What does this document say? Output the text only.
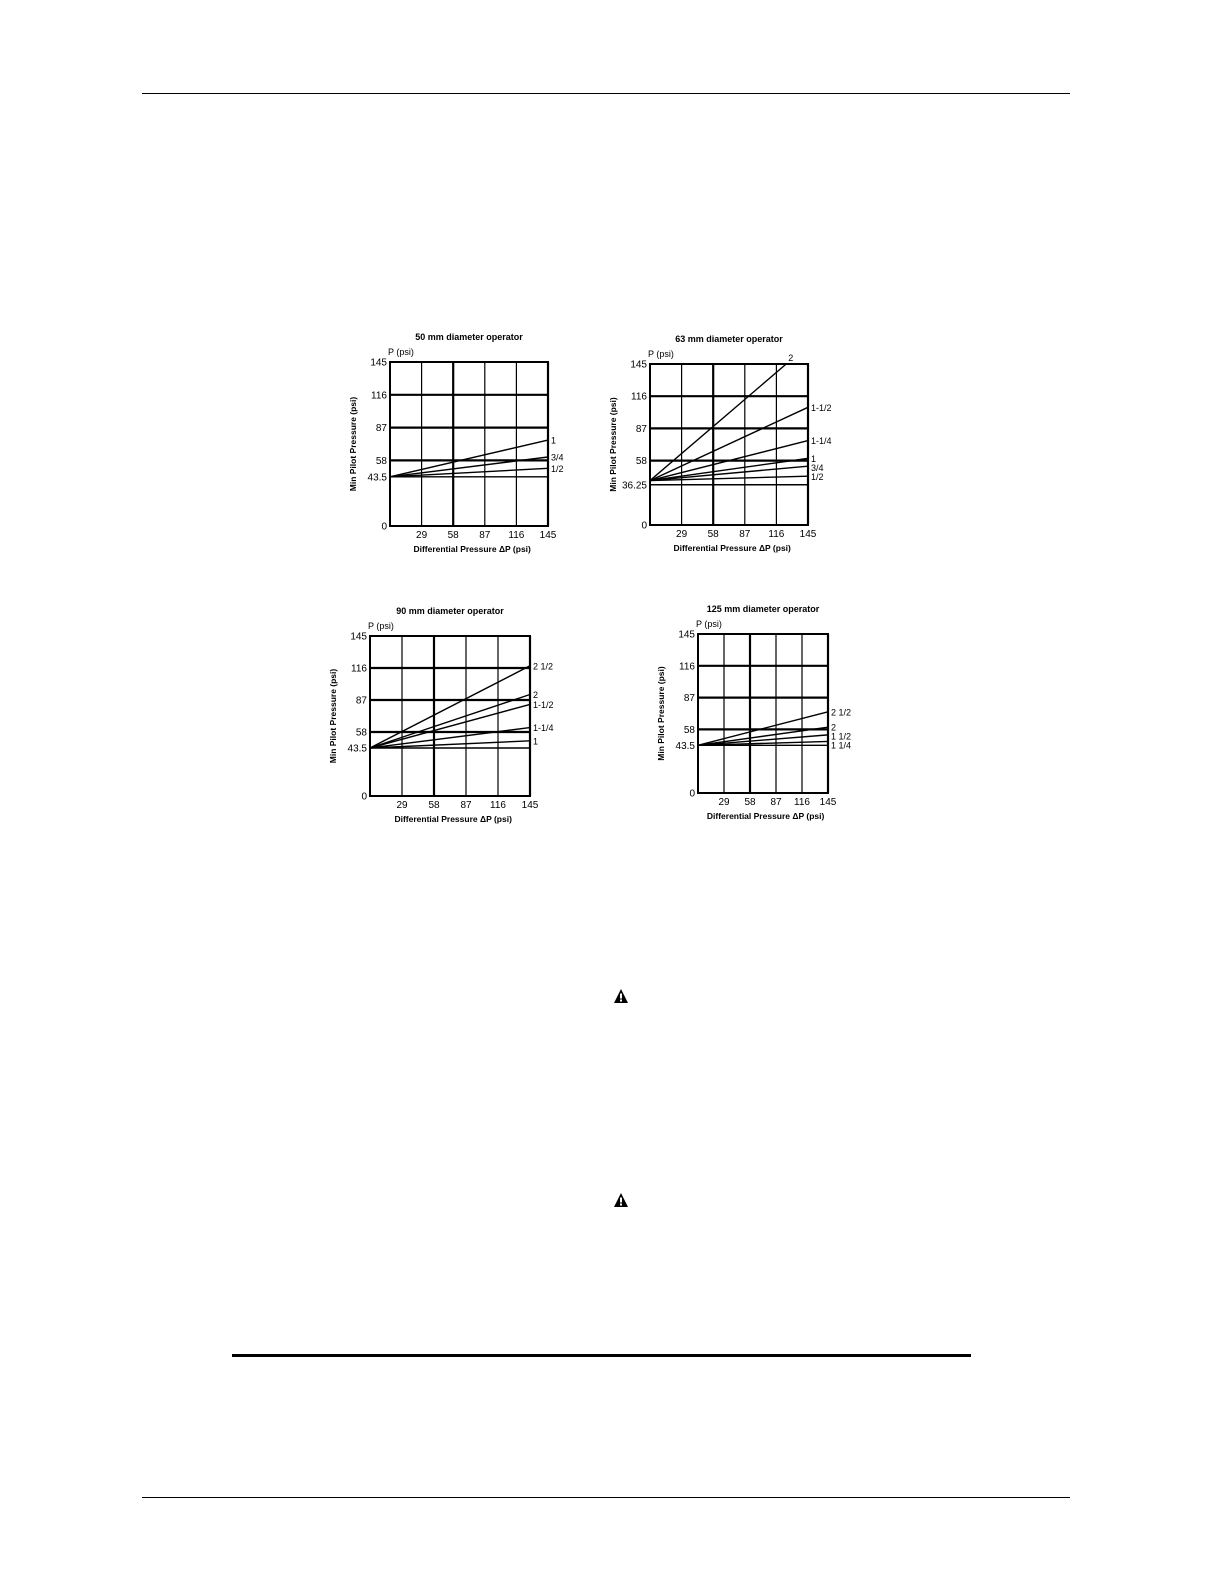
50 mm diameter operator
P (psi)
Min Pilot Pressure (psi)
Differential Pressure ΔP (psi)
29 58 87 116 145
0
43.5
58
87
116
145
1
3/4
1/2
63 mm diameter operator
P (psi)
Min Pilot Pressure (psi)
Differential Pressure ΔP (psi)
29 58 87 116 145
0
36.25
58
87
116
145
2
1-1/2
1-1/4
1
3/4
1/2
90 mm diameter operator
P (psi)
Min Pilot Pressure (psi)
Differential Pressure ΔP (psi)
29 58 87 116 145
0
43.5
58
87
116
145
2 1/2
2
1-1/2
1-1/4
1
125 mm diameter operator
P (psi)
Min Pilot Pressure (psi)
Differential Pressure ΔP (psi)
29 58 87 116 145
0
43.5
58
87
116
145
2 1/2
2
1 1/2
1 1/4
